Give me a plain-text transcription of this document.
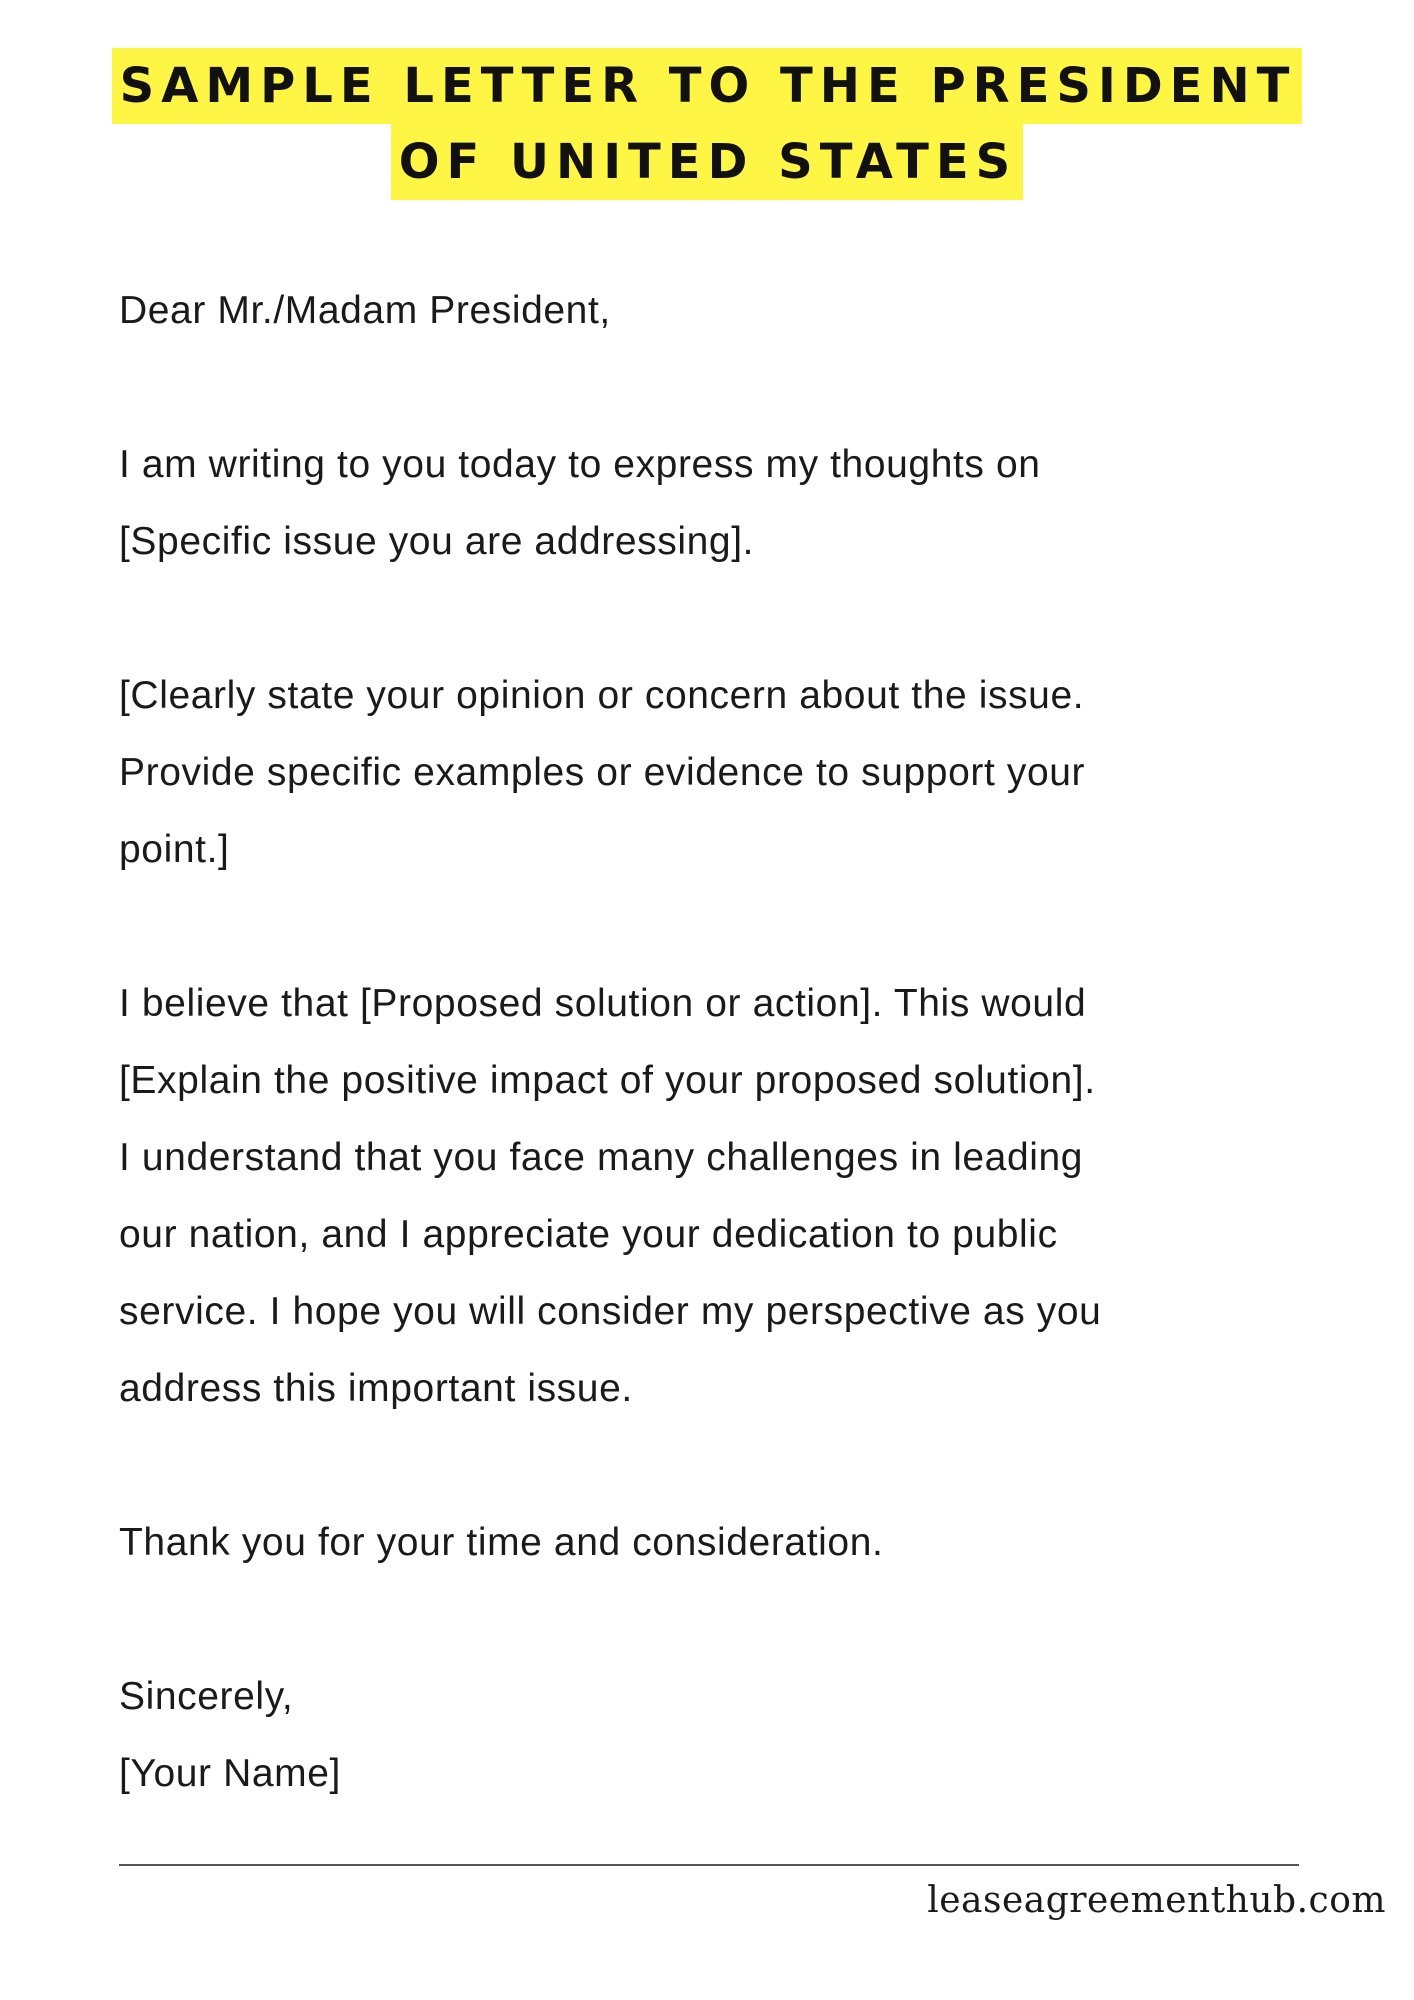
SAMPLE LETTER TO THE PRESIDENT
OF UNITED STATES

Dear Mr./Madam President,

I am writing to you today to express my thoughts on
[Specific issue you are addressing].

[Clearly state your opinion or concern about the issue.
Provide specific examples or evidence to support your
point.]

I believe that [Proposed solution or action]. This would
[Explain the positive impact of your proposed solution].
I understand that you face many challenges in leading
our nation, and I appreciate your dedication to public
service. I hope you will consider my perspective as you
address this important issue.

Thank you for your time and consideration.

Sincerely,
[Your Name]

leaseagreementhub.com
